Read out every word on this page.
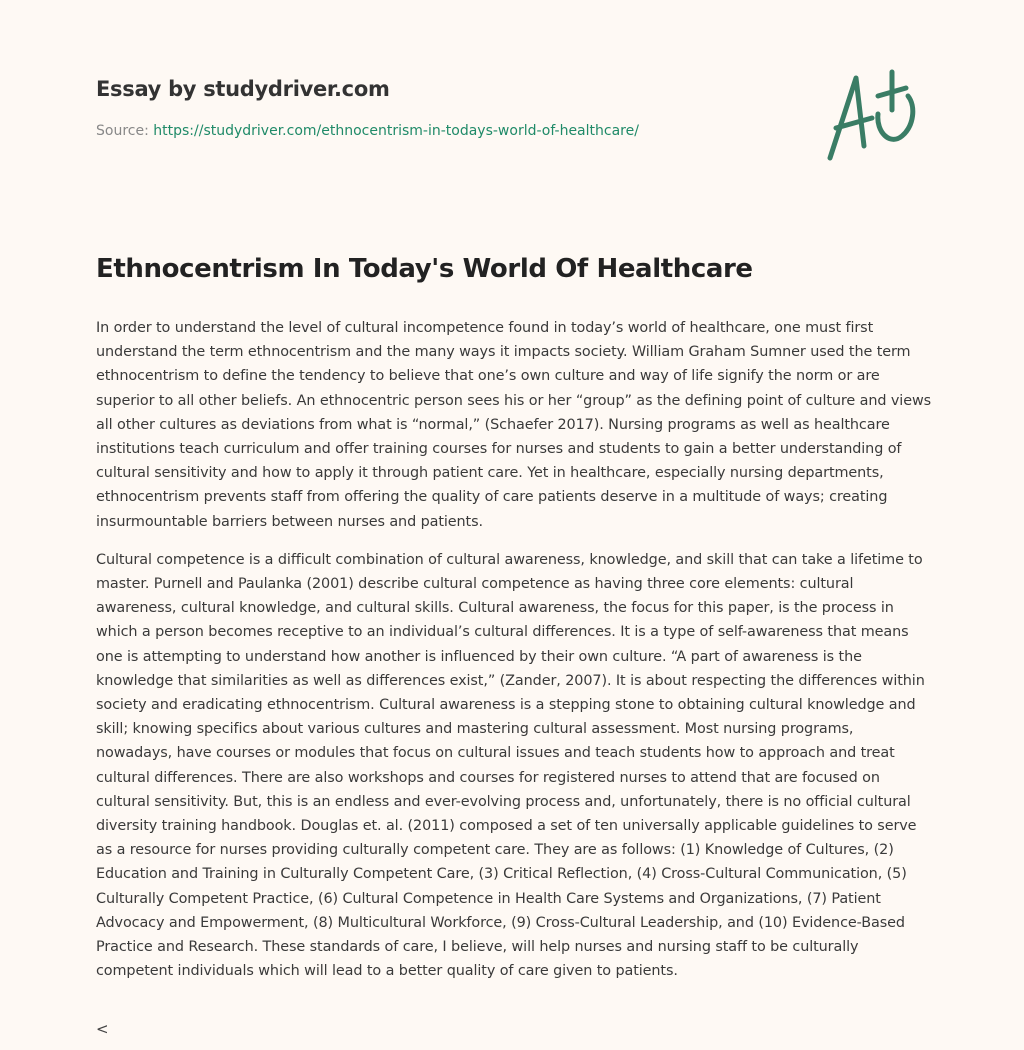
Essay by studydriver.com
Source: https://studydriver.com/ethnocentrism-in-todays-world-of-healthcare/
Ethnocentrism In Today's World Of Healthcare

In order to understand the level of cultural incompetence found in today’s world of healthcare, one must first understand the term ethnocentrism and the many ways it impacts society. William Graham Sumner used the term ethnocentrism to define the tendency to believe that one’s own culture and way of life signify the norm or are superior to all other beliefs. An ethnocentric person sees his or her “group” as the defining point of culture and views all other cultures as deviations from what is “normal,” (Schaefer 2017). Nursing programs as well as healthcare institutions teach curriculum and offer training courses for nurses and students to gain a better understanding of cultural sensitivity and how to apply it through patient care. Yet in healthcare, especially nursing departments, ethnocentrism prevents staff from offering the quality of care patients deserve in a multitude of ways; creating insurmountable barriers between nurses and patients.

Cultural competence is a difficult combination of cultural awareness, knowledge, and skill that can take a lifetime to master. Purnell and Paulanka (2001) describe cultural competence as having three core elements: cultural awareness, cultural knowledge, and cultural skills. Cultural awareness, the focus for this paper, is the process in which a person becomes receptive to an individual’s cultural differences. It is a type of self-awareness that means one is attempting to understand how another is influenced by their own culture. “A part of awareness is the knowledge that similarities as well as differences exist,” (Zander, 2007). It is about respecting the differences within society and eradicating ethnocentrism. Cultural awareness is a stepping stone to obtaining cultural knowledge and skill; knowing specifics about various cultures and mastering cultural assessment. Most nursing programs, nowadays, have courses or modules that focus on cultural issues and teach students how to approach and treat cultural differences. There are also workshops and courses for registered nurses to attend that are focused on cultural sensitivity. But, this is an endless and ever-evolving process and, unfortunately, there is no official cultural diversity training handbook. Douglas et. al. (2011) composed a set of ten universally applicable guidelines to serve as a resource for nurses providing culturally competent care. They are as follows: (1) Knowledge of Cultures, (2) Education and Training in Culturally Competent Care, (3) Critical Reflection, (4) Cross-Cultural Communication, (5) Culturally Competent Practice, (6) Cultural Competence in Health Care Systems and Organizations, (7) Patient Advocacy and Empowerment, (8) Multicultural Workforce, (9) Cross-Cultural Leadership, and (10) Evidence-Based Practice and Research. These standards of care, I believe, will help nurses and nursing staff to be culturally competent individuals which will lead to a better quality of care given to patients.

<
